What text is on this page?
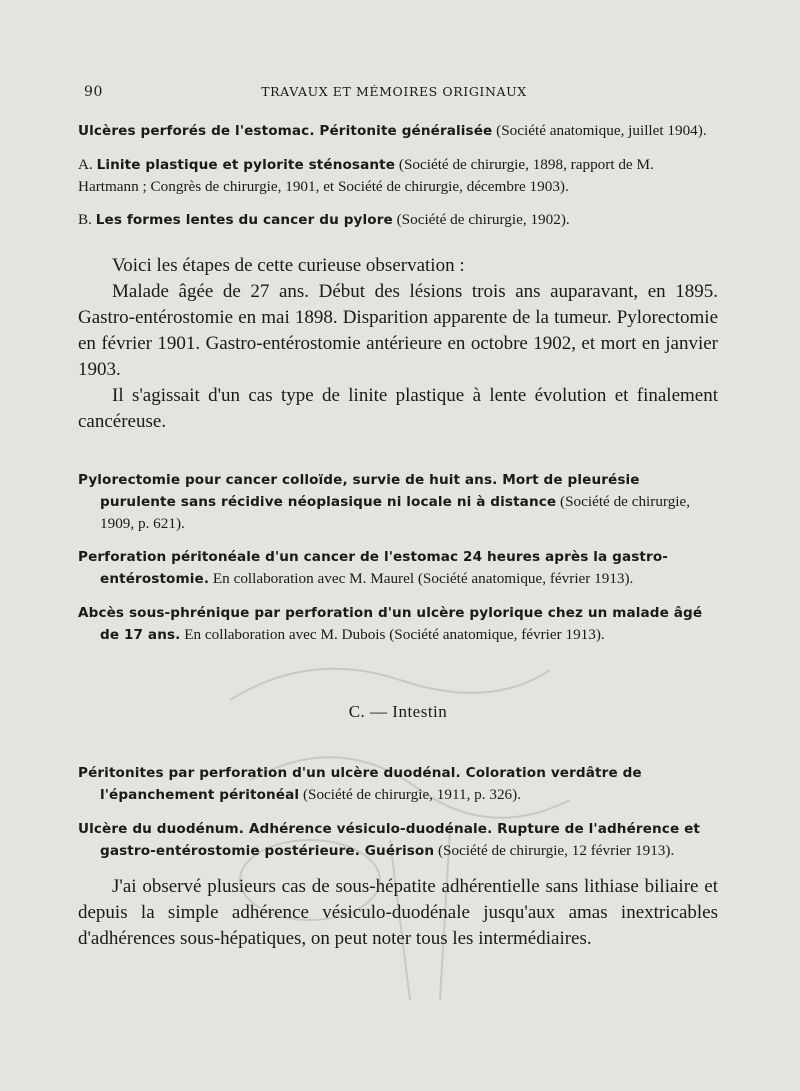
90	TRAVAUX ET MÉMOIRES ORIGINAUX

Ulcères perforés de l'estomac. Péritonite généralisée (Société anatomique, juillet 1904).

A. Linite plastique et pylorite sténosante (Société de chirurgie, 1898, rapport de M. Hartmann ; Congrès de chirurgie, 1901, et Société de chirurgie, décembre 1903).

B. Les formes lentes du cancer du pylore (Société de chirurgie, 1902).

Voici les étapes de cette curieuse observation :

Malade âgée de 27 ans. Début des lésions trois ans auparavant, en 1895. Gastro-entérostomie en mai 1898. Disparition apparente de la tumeur. Pylorectomie en février 1901. Gastro-entérostomie antérieure en octobre 1902, et mort en janvier 1903.

Il s'agissait d'un cas type de linite plastique à lente évolution et finalement cancéreuse.

Pylorectomie pour cancer colloïde, survie de huit ans. Mort de pleurésie purulente sans récidive néoplasique ni locale ni à distance (Société de chirurgie, 1909, p. 621).

Perforation péritonéale d'un cancer de l'estomac 24 heures après la gastro-entérostomie. En collaboration avec M. Maurel (Société anatomique, février 1913).

Abcès sous-phrénique par perforation d'un ulcère pylorique chez un malade âgé de 17 ans. En collaboration avec M. Dubois (Société anatomique, février 1913).

C. — Intestin

Péritonites par perforation d'un ulcère duodénal. Coloration verdâtre de l'épanchement péritonéal (Société de chirurgie, 1911, p. 326).

Ulcère du duodénum. Adhérence vésiculo-duodénale. Rupture de l'adhérence et gastro-entérostomie postérieure. Guérison (Société de chirurgie, 12 février 1913).

J'ai observé plusieurs cas de sous-hépatite adhérentielle sans lithiase biliaire et depuis la simple adhérence vésiculo-duodénale jusqu'aux amas inextricables d'adhérences sous-hépatiques, on peut noter tous les intermédiaires.
